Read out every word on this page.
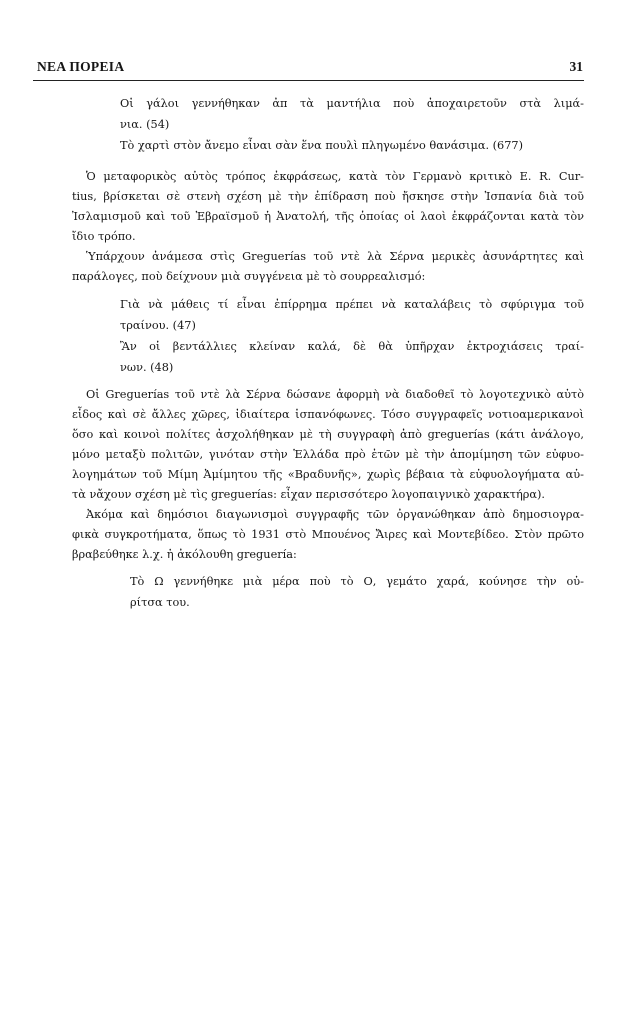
ΝΕΑ ΠΟΡΕΙΑ	31
Οἱ γάλοι γεννήθηκαν ἀπ τὰ μαντήλια ποὺ ἀποχαιρετοῦν στὰ λιμά-
νια. (54)
Τὸ χαρτὶ στὸν ἄνεμο εἶναι σὰν ἕνα πουλὶ πληγωμένο θανάσιμα. (677)
Ὁ μεταφορικὸς αὐτὸς τρόπος ἐκφράσεως, κατὰ τὸν Γερμανὸ κριτικὸ E. R. Cur-
tius, βρίσκεται σὲ στενὴ σχέση μὲ τὴν ἐπίδραση ποὺ ἤσκησε στὴν Ἱσπανία διὰ τοῦ
Ἰσλαμισμοῦ καὶ τοῦ Ἑβραϊσμοῦ ἡ Ἀνατολή, τῆς ὁποίας οἱ λαοὶ ἐκφράζονται κατὰ τὸν
ἴδιο τρόπο.
Ὑπάρχουν ἀνάμεσα στὶς Greguerías τοῦ ντὲ λὰ Σέρνα μερικὲς ἀσυνάρτητες καὶ
παράλογες, ποὺ δείχνουν μιὰ συγγένεια μὲ τὸ σουρρεαλισμό:
Γιὰ νὰ μάθεις τί εἶναι ἐπίρρημα πρέπει νὰ καταλάβεις τὸ σφύριγμα τοῦ
τραίνου. (47)
Ἂν οἱ βεντάλλιες κλείναν καλά, δὲ θὰ ὑπῆρχαν ἐκτροχιάσεις τραί-
νων. (48)
Οἱ Greguerías τοῦ ντὲ λὰ Σέρνα δώσανε ἀφορμὴ νὰ διαδοθεῖ τὸ λογοτεχνικὸ αὐτὸ
εἶδος καὶ σὲ ἄλλες χῶρες, ἰδιαίτερα ἱσπανόφωνες. Τόσο συγγραφεῖς νοτιοαμερικανοὶ
ὅσο καὶ κοινοὶ πολίτες ἀσχολήθηκαν μὲ τὴ συγγραφὴ ἀπὸ greguerías (κάτι ἀνάλογο,
μόνο μεταξὺ πολιτῶν, γινόταν στὴν Ἑλλάδα πρὸ ἐτῶν μὲ τὴν ἀπομίμηση τῶν εὐφυο-
λογημάτων τοῦ Μίμη Ἀμίμητου τῆς «Βραδυνῆς», χωρὶς βέβαια τὰ εὐφυολογήματα αὐ-
τὰ νἄχουν σχέση μὲ τὶς greguerías: εἶχαν περισσότερο λογοπαιγνικὸ χαρακτήρα).
Ἀκόμα καὶ δημόσιοι διαγωνισμοὶ συγγραφῆς τῶν ὀργανώθηκαν ἀπὸ δημοσιογρα-
φικὰ συγκροτήματα, ὅπως τὸ 1931 στὸ Μπουένος Ἄιρες καὶ Μοντεβίδεο. Στὸν πρῶτο
βραβεύθηκε λ.χ. ἡ ἀκόλουθη greguería:
Τὸ Ω γεννήθηκε μιὰ μέρα ποὺ τὸ Ο, γεμάτο χαρά, κούνησε τὴν οὐ-
ρίτσα του.
